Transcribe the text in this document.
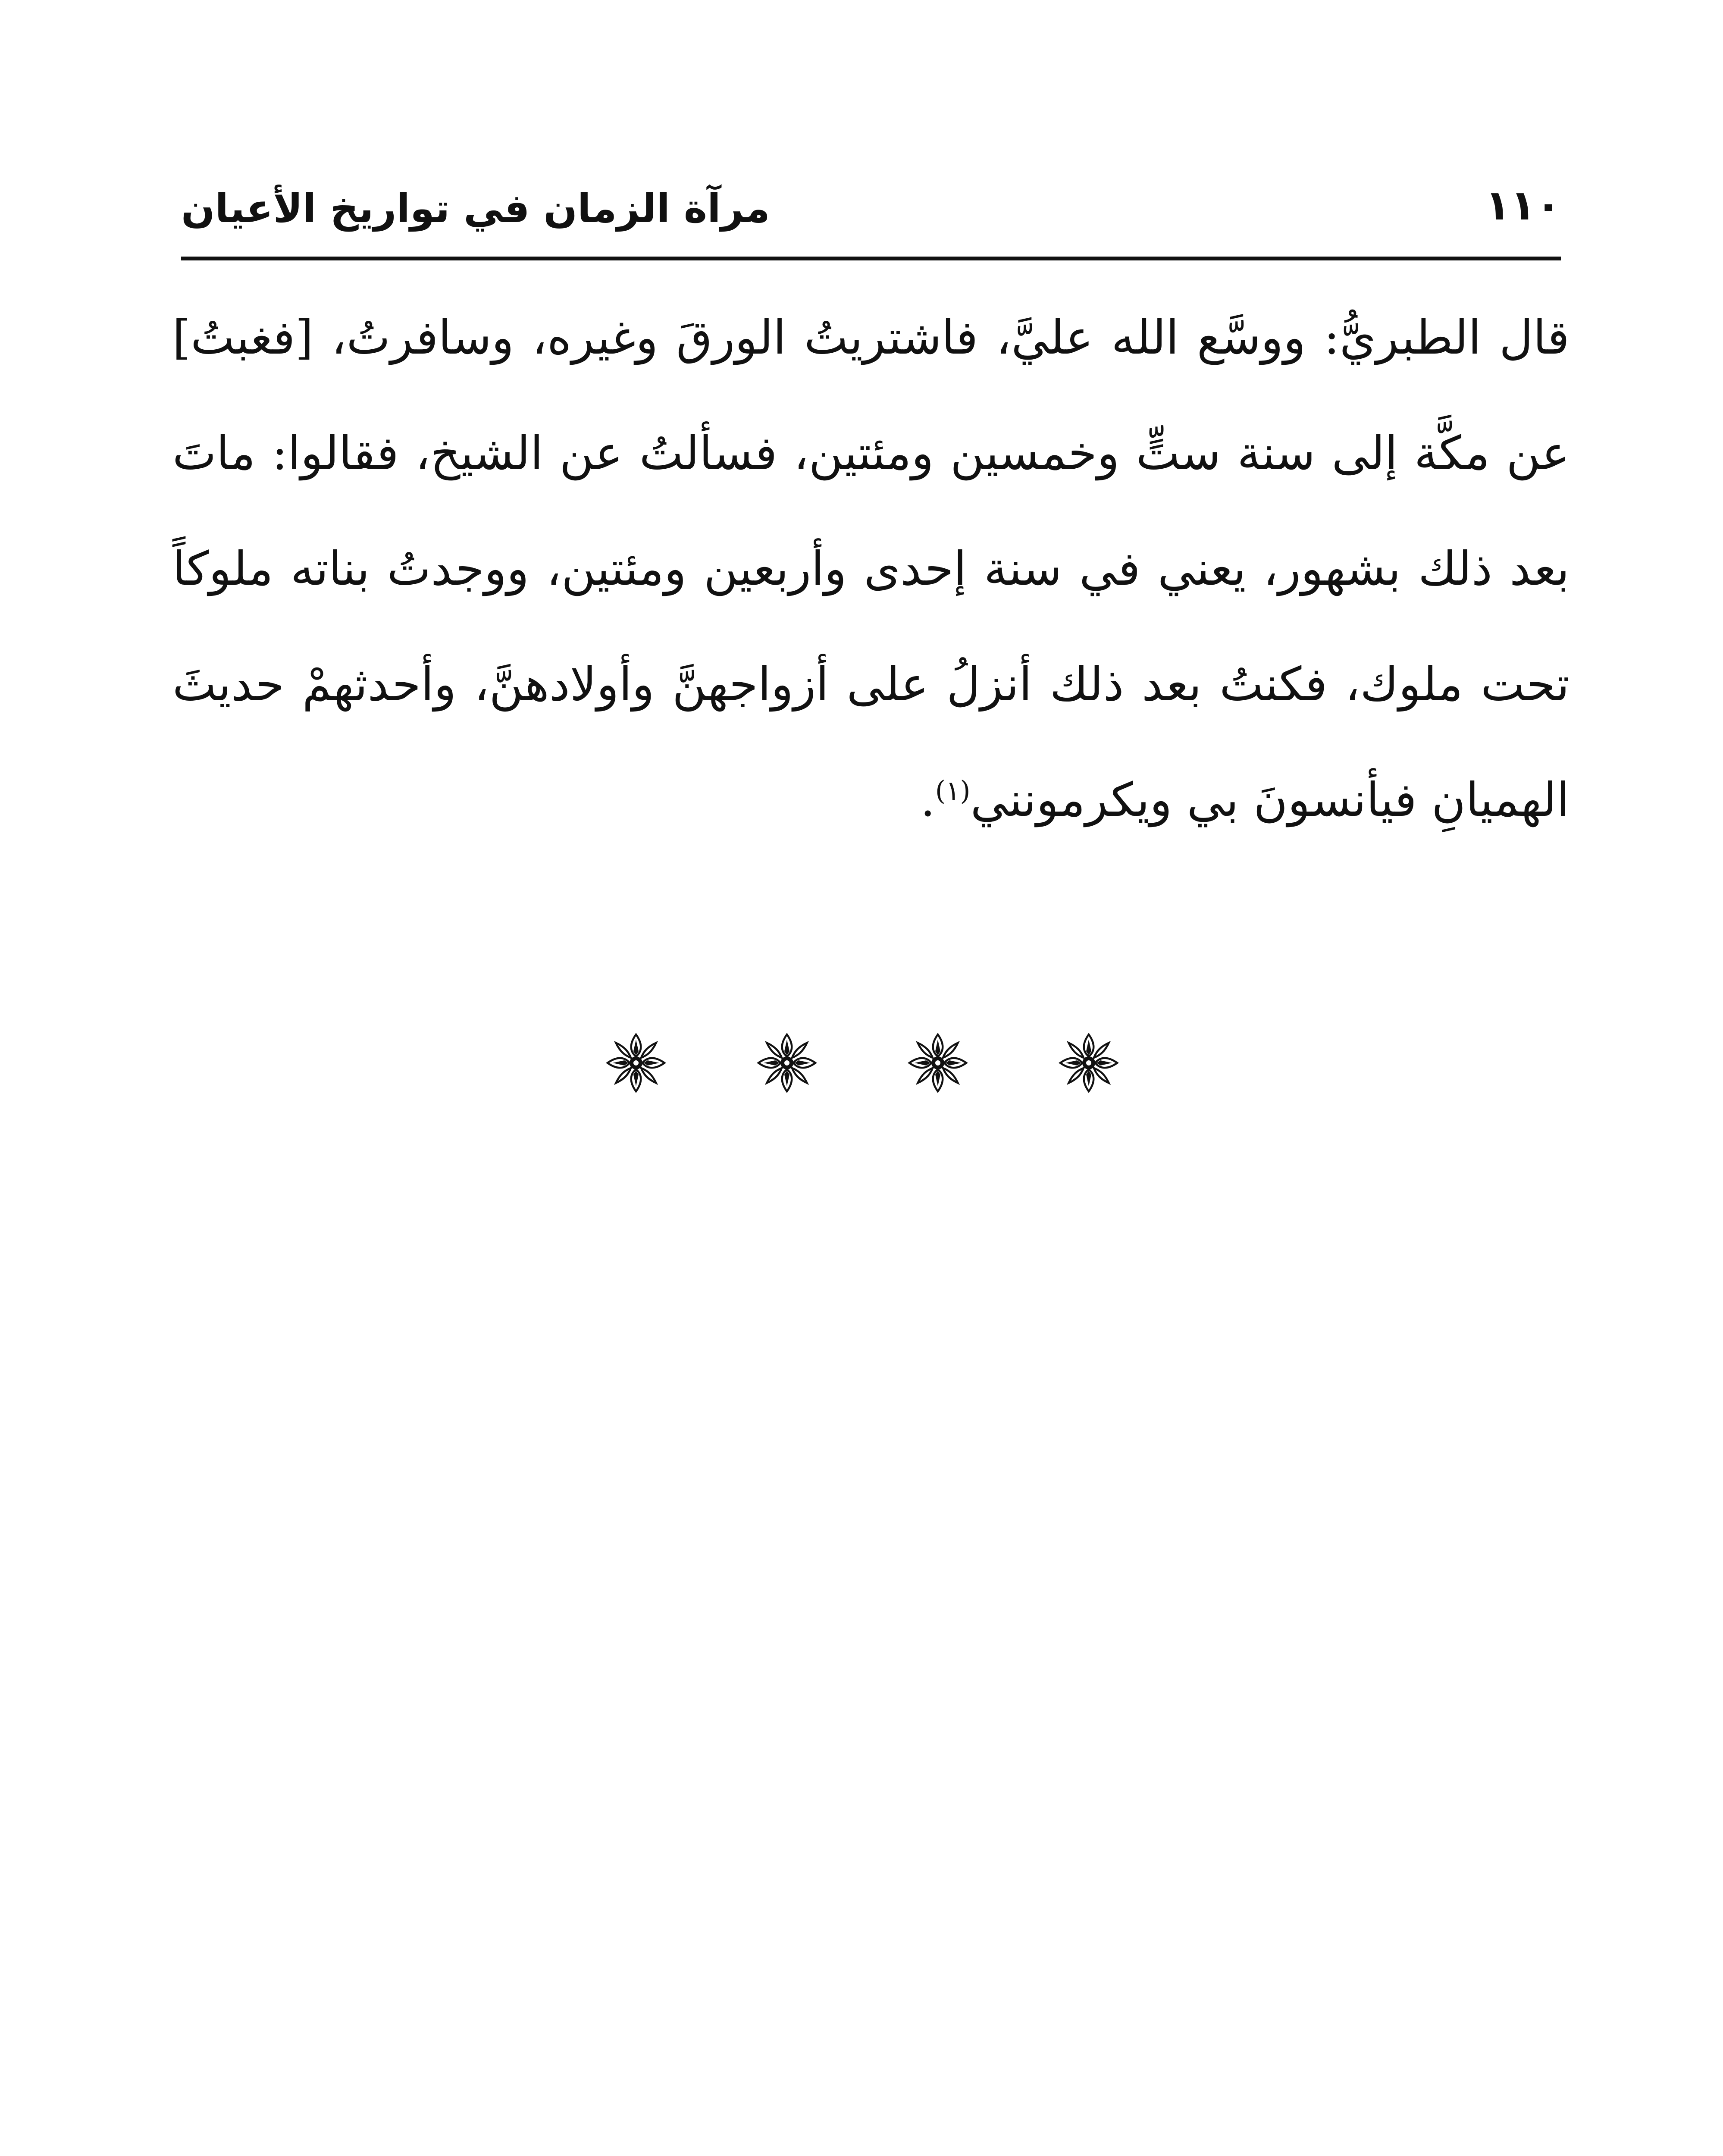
مرآة الزمان في تواريخ الأعيان	١١٠
قال الطبريُّ: ووسَّع الله عليَّ، فاشتريتُ الورقَ وغيره، وسافرتُ، [فغبتُ] عن مكَّة إلى سنة ستٍّ وخمسين ومئتين، فسألتُ عن الشيخ، فقالوا: ماتَ بعد ذلك بشهور، يعني في سنة إحدى وأربعين ومئتين، ووجدتُ بناته ملوكاً تحت ملوك، فكنتُ بعد ذلك أنزلُ على أزواجهنَّ وأولادهنَّ، وأحدثهمْ حديثَ الهميانِ فيأنسونَ بي ويكرمونني$^{(١)}$.
